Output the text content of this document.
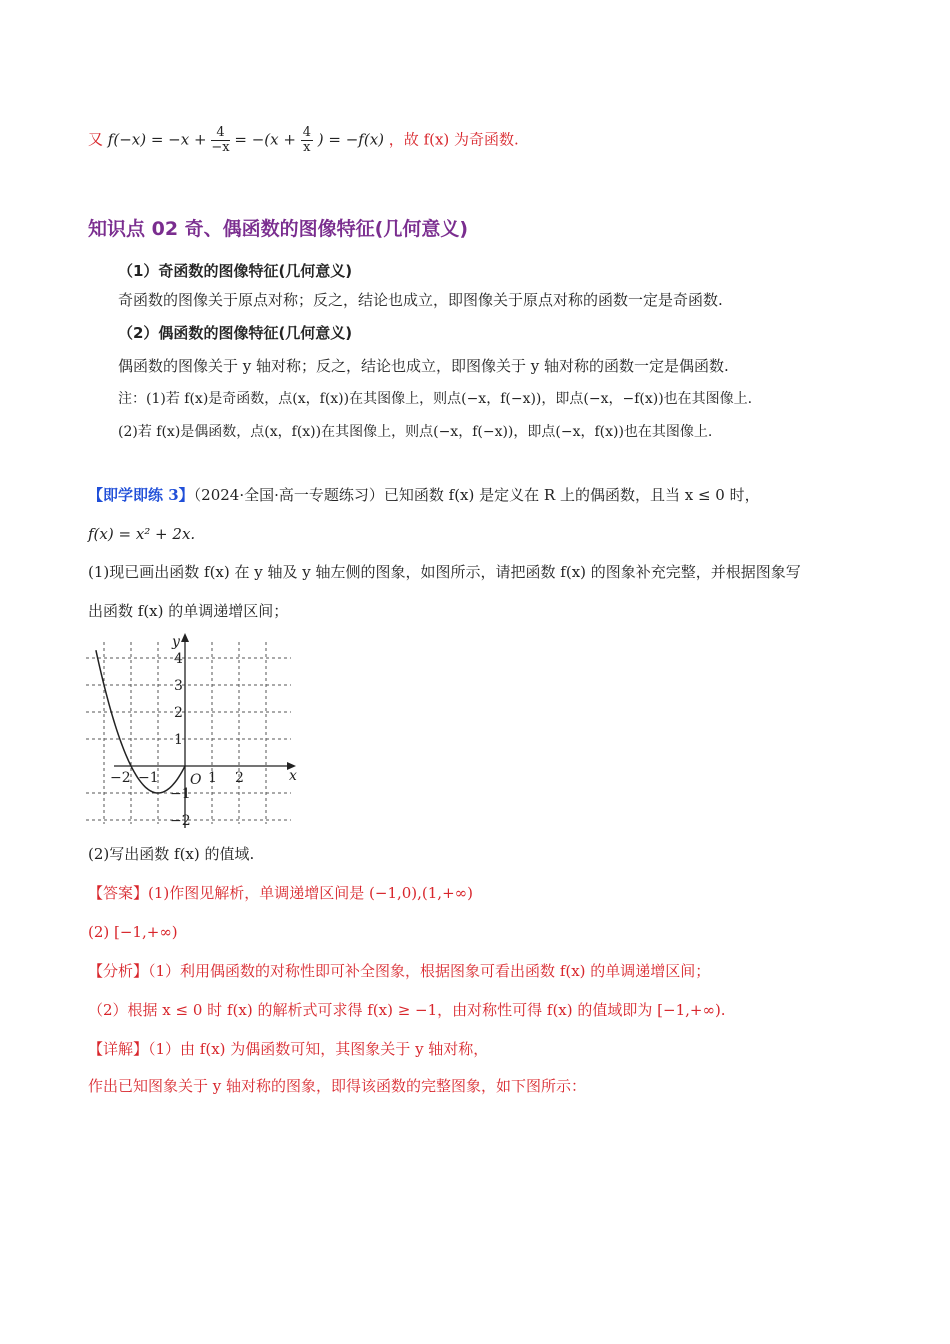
又 $f(-x) = -x + \frac{4}{-x} = -(x + \frac{4}{x}$ ) = −f(x) ，故 f(x) 为奇函数.
知识点 02 奇、偶函数的图像特征(几何意义)
（1）奇函数的图像特征(几何意义)
奇函数的图像关于原点对称；反之，结论也成立，即图像关于原点对称的函数一定是奇函数.
（2）偶函数的图像特征(几何意义)
偶函数的图像关于 y 轴对称；反之，结论也成立，即图像关于 y 轴对称的函数一定是偶函数.
注：(1)若 f(x)是奇函数，点(x，f(x))在其图像上，则点(−x，f(−x))，即点(−x，−f(x))也在其图像上.
(2)若 f(x)是偶函数，点(x，f(x))在其图像上，则点(−x，f(−x))，即点(−x，f(x))也在其图像上.
【即学即练 3】（2024·全国·高一专题练习）已知函数 f(x) 是定义在 R 上的偶函数，且当 x ≤ 0 时，
f(x) = x² + 2x.
(1)现已画出函数 f(x) 在 y 轴及 y 轴左侧的图象，如图所示，请把函数 f(x) 的图象补充完整，并根据图象写
出函数 f(x) 的单调递增区间；
x
y
O
−2 −1	1 2
4
3
2
1
−1
−2
(2)写出函数 f(x) 的值域.
【答案】(1)作图见解析，单调递增区间是 (−1,0),(1,+∞)
(2) [−1,+∞)
【分析】（1）利用偶函数的对称性即可补全图象，根据图象可看出函数 f(x) 的单调递增区间；
（2）根据 x ≤ 0 时 f(x) 的解析式可求得 f(x) ≥ −1，由对称性可得 f(x) 的值域即为 [−1,+∞).
【详解】（1）由 f(x) 为偶函数可知，其图象关于 y 轴对称，
作出已知图象关于 y 轴对称的图象，即得该函数的完整图象，如下图所示：
